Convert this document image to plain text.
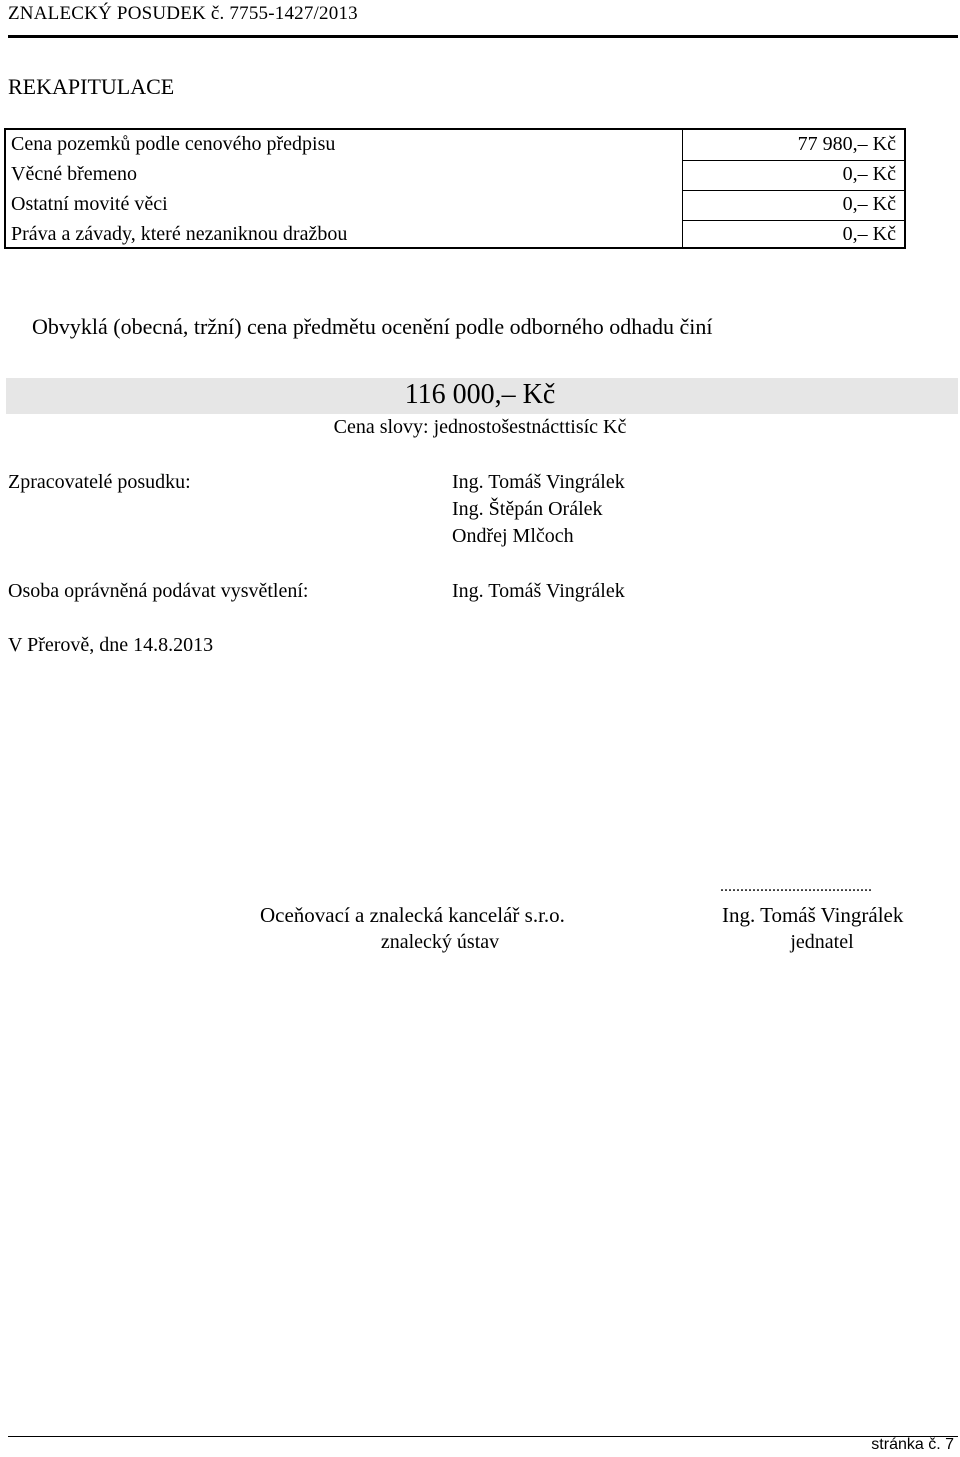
ZNALECKÝ POSUDEK č. 7755-1427/2013
REKAPITULACE
Cena pozemků podle cenového předpisu	77 980,– Kč
Věcné břemeno	0,– Kč
Ostatní movité věci	0,– Kč
Práva a závady, které nezaniknou dražbou	0,– Kč
Obvyklá (obecná, tržní) cena předmětu ocenění podle odborného odhadu činí
116 000,– Kč
Cena slovy: jednostošestnácttisíc Kč
Zpracovatelé posudku:	Ing. Tomáš Vingrálek
Ing. Štěpán Orálek
Ondřej Mlčoch
Osoba oprávněná podávat vysvětlení:	Ing. Tomáš Vingrálek
V Přerově, dne 14.8.2013
Oceňovací a znalecká kancelář s.r.o.
znalecký ústav
......................................
Ing. Tomáš Vingrálek
jednatel
stránka č. 7
